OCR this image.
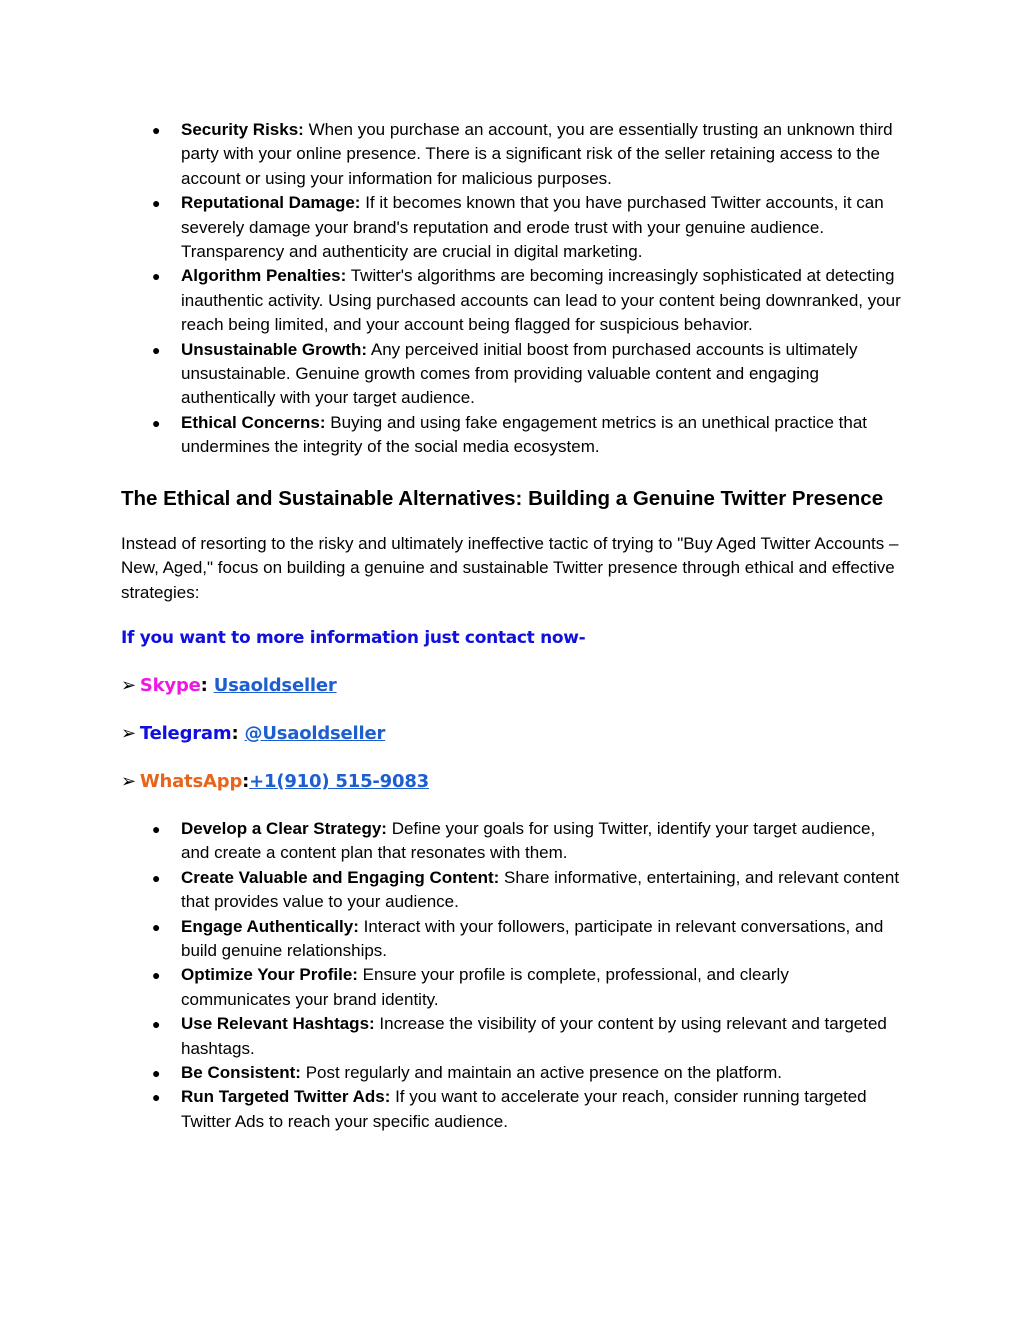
● Security Risks: When you purchase an account, you are essentially trusting an unknown third party with your online presence. There is a significant risk of the seller retaining access to the account or using your information for malicious purposes.
● Reputational Damage: If it becomes known that you have purchased Twitter accounts, it can severely damage your brand's reputation and erode trust with your genuine audience. Transparency and authenticity are crucial in digital marketing.
● Algorithm Penalties: Twitter's algorithms are becoming increasingly sophisticated at detecting inauthentic activity. Using purchased accounts can lead to your content being downranked, your reach being limited, and your account being flagged for suspicious behavior.
● Unsustainable Growth: Any perceived initial boost from purchased accounts is ultimately unsustainable. Genuine growth comes from providing valuable content and engaging authentically with your target audience.
● Ethical Concerns: Buying and using fake engagement metrics is an unethical practice that undermines the integrity of the social media ecosystem.
The Ethical and Sustainable Alternatives: Building a Genuine Twitter Presence

Instead of resorting to the risky and ultimately ineffective tactic of trying to "Buy Aged Twitter Accounts – New, Aged," focus on building a genuine and sustainable Twitter presence through ethical and effective strategies:

If you want to more information just contact now-
➢ Skype: Usaoldseller
➢ Telegram: @Usaoldseller
➢ WhatsApp:+1(910) 515-9083
● Develop a Clear Strategy: Define your goals for using Twitter, identify your target audience, and create a content plan that resonates with them.
● Create Valuable and Engaging Content: Share informative, entertaining, and relevant content that provides value to your audience.
● Engage Authentically: Interact with your followers, participate in relevant conversations, and build genuine relationships.
● Optimize Your Profile: Ensure your profile is complete, professional, and clearly communicates your brand identity.
● Use Relevant Hashtags: Increase the visibility of your content by using relevant and targeted hashtags.
● Be Consistent: Post regularly and maintain an active presence on the platform.
● Run Targeted Twitter Ads: If you want to accelerate your reach, consider running targeted Twitter Ads to reach your specific audience.
